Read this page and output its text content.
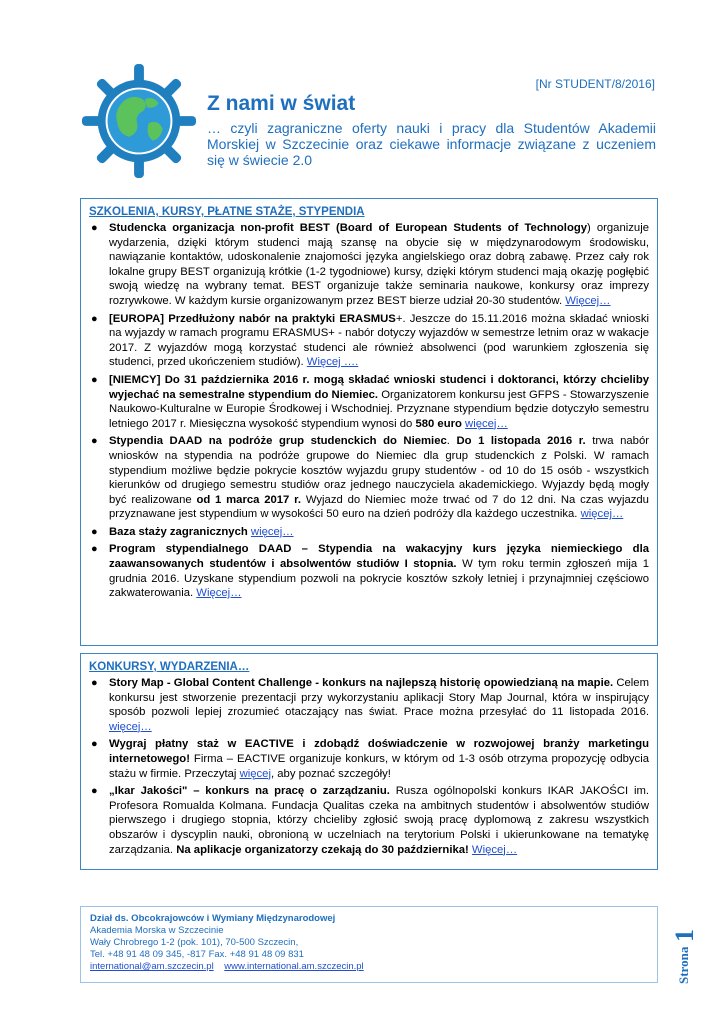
[Nr STUDENT/8/2016]
Z nami w świat
… czyli zagraniczne oferty nauki i pracy dla Studentów Akademii Morskiej w Szczecinie oraz ciekawe informacje związane z uczeniem się w świecie 2.0
SZKOLENIA, KURSY, PŁATNE STAŻE, STYPENDIA
● Studencka organizacja non-profit BEST (Board of European Students of Technology) organizuje wydarzenia, dzięki którym studenci mają szansę na obycie się w międzynarodowym środowisku, nawiązanie kontaktów, udoskonalenie znajomości języka angielskiego oraz dobrą zabawę. Przez cały rok lokalne grupy BEST organizują krótkie (1-2 tygodniowe) kursy, dzięki którym studenci mają okazję pogłębić swoją wiedzę na wybrany temat. BEST organizuje także seminaria naukowe, konkursy oraz imprezy rozrywkowe. W każdym kursie organizowanym przez BEST bierze udział 20-30 studentów. Więcej…
● [EUROPA] Przedłużony nabór na praktyki ERASMUS+. Jeszcze do 15.11.2016 można składać wnioski na wyjazdy w ramach programu ERASMUS+ - nabór dotyczy wyjazdów w semestrze letnim oraz w wakacje 2017. Z wyjazdów mogą korzystać studenci ale również absolwenci (pod warunkiem zgłoszenia się studenci, przed ukończeniem studiów). Więcej ….
● [NIEMCY] Do 31 października 2016 r. mogą składać wnioski studenci i doktoranci, którzy chcieliby wyjechać na semestralne stypendium do Niemiec. Organizatorem konkursu jest GFPS - Stowarzyszenie Naukowo-Kulturalne w Europie Środkowej i Wschodniej. Przyznane stypendium będzie dotyczyło semestru letniego 2017 r. Miesięczna wysokość stypendium wynosi do 580 euro więcej…
● Stypendia DAAD na podróże grup studenckich do Niemiec. Do 1 listopada 2016 r. trwa nabór wniosków na stypendia na podróże grupowe do Niemiec dla grup studenckich z Polski. W ramach stypendium możliwe będzie pokrycie kosztów wyjazdu grupy studentów - od 10 do 15 osób - wszystkich kierunków od drugiego semestru studiów oraz jednego nauczyciela akademickiego. Wyjazdy będą mogły być realizowane od 1 marca 2017 r. Wyjazd do Niemiec może trwać od 7 do 12 dni. Na czas wyjazdu przyznawane jest stypendium w wysokości 50 euro na dzień podróży dla każdego uczestnika. więcej…
● Baza staży zagranicznych więcej…
● Program stypendialnego DAAD – Stypendia na wakacyjny kurs języka niemieckiego dla zaawansowanych studentów i absolwentów studiów I stopnia. W tym roku termin zgłoszeń mija 1 grudnia 2016. Uzyskane stypendium pozwoli na pokrycie kosztów szkoły letniej i przynajmniej częściowo zakwaterowania. Więcej…
KONKURSY, WYDARZENIA…
● Story Map - Global Content Challenge - konkurs na najlepszą historię opowiedzianą na mapie. Celem konkursu jest stworzenie prezentacji przy wykorzystaniu aplikacji Story Map Journal, która w inspirujący sposób pozwoli lepiej zrozumieć otaczający nas świat. Prace można przesyłać do 11 listopada 2016. więcej…
● Wygraj płatny staż w EACTIVE i zdobądź doświadczenie w rozwojowej branży marketingu internetowego! Firma – EACTIVE organizuje konkurs, w którym od 1-3 osób otrzyma propozycję odbycia stażu w firmie. Przeczytaj więcej, aby poznać szczegóły!
● „Ikar Jakości" – konkurs na pracę o zarządzaniu. Rusza ogólnopolski konkurs IKAR JAKOŚCI im. Profesora Romualda Kolmana. Fundacja Qualitas czeka na ambitnych studentów i absolwentów studiów pierwszego i drugiego stopnia, którzy chcieliby zgłosić swoją pracę dyplomową z zakresu wszystkich obszarów i dyscyplin nauki, obronioną w uczelniach na terytorium Polski i ukierunkowane na tematykę zarządzania. Na aplikacje organizatorzy czekają do 30 października! Więcej…
Dział ds. Obcokrajowców i Wymiany Międzynarodowej
Akademia Morska w Szczecinie
Wały Chrobrego 1-2 (pok. 101), 70-500 Szczecin,
Tel. +48 91 48 09 345, -817 Fax. +48 91 48 09 831
international@am.szczecin.pl www.international.am.szczecin.pl	Strona
1
